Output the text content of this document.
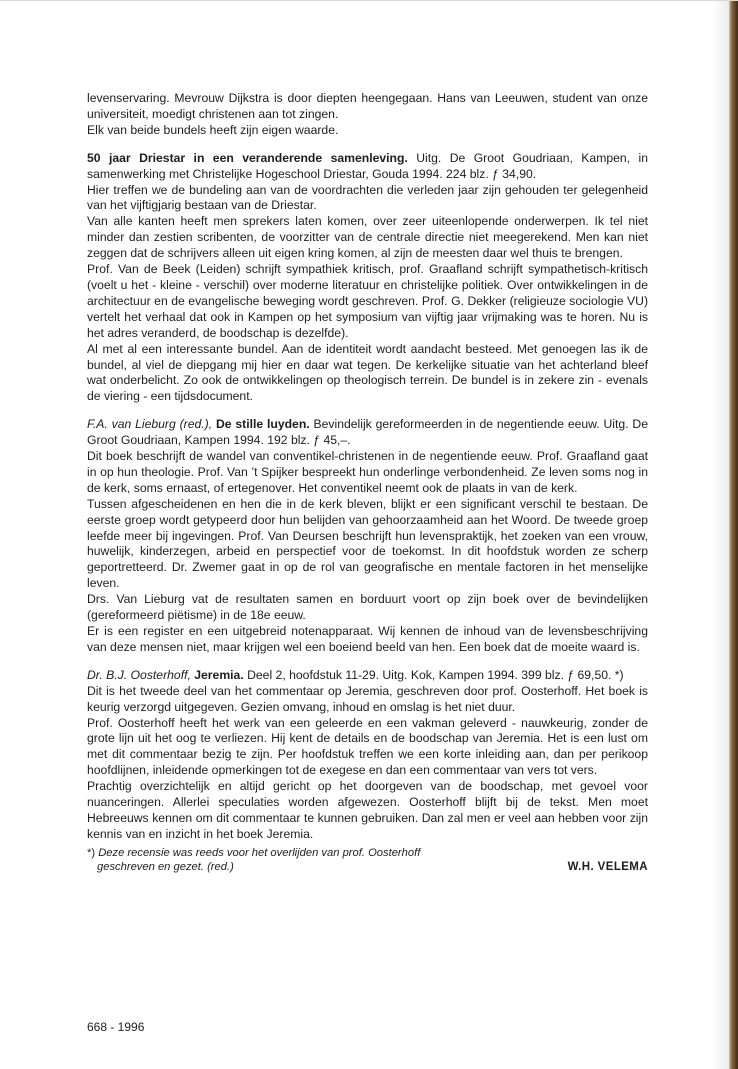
levenservaring. Mevrouw Dijkstra is door diepten heengegaan. Hans van Leeuwen, student van onze universiteit, moedigt christenen aan tot zingen.

Elk van beide bundels heeft zijn eigen waarde.

50 jaar Driestar in een veranderende samenleving. Uitg. De Groot Goudriaan, Kampen, in samenwerking met Christelijke Hogeschool Driestar, Gouda 1994. 224 blz. ƒ 34,90.

Hier treffen we de bundeling aan van de voordrachten die verleden jaar zijn gehouden ter gelegenheid van het vijftigjarig bestaan van de Driestar.

Van alle kanten heeft men sprekers laten komen, over zeer uiteenlopende onderwerpen. Ik tel niet minder dan zestien scribenten, de voorzitter van de centrale directie niet meegerekend. Men kan niet zeggen dat de schrijvers alleen uit eigen kring komen, al zijn de meesten daar wel thuis te brengen.

Prof. Van de Beek (Leiden) schrijft sympathiek kritisch, prof. Graafland schrijft sympathetisch-kritisch (voelt u het - kleine - verschil) over moderne literatuur en christelijke politiek. Over ontwikkelingen in de architectuur en de evangelische beweging wordt geschreven. Prof. G. Dekker (religieuze sociologie VU) vertelt het verhaal dat ook in Kampen op het symposium van vijftig jaar vrijmaking was te horen. Nu is het adres veranderd, de boodschap is dezelfde).

Al met al een interessante bundel. Aan de identiteit wordt aandacht besteed. Met genoegen las ik de bundel, al viel de diepgang mij hier en daar wat tegen. De kerkelijke situatie van het achterland bleef wat onderbelicht. Zo ook de ontwikkelingen op theologisch terrein. De bundel is in zekere zin - evenals de viering - een tijdsdocument.

F.A. van Lieburg (red.), De stille luyden. Bevindelijk gereformeerden in de negentiende eeuw. Uitg. De Groot Goudriaan, Kampen 1994. 192 blz. ƒ 45,–.

Dit boek beschrijft de wandel van conventikel-christenen in de negentiende eeuw. Prof. Graafland gaat in op hun theologie. Prof. Van ’t Spijker bespreekt hun onderlinge verbondenheid. Ze leven soms nog in de kerk, soms ernaast, of ertegenover. Het conventikel neemt ook de plaats in van de kerk.

Tussen afgescheidenen en hen die in de kerk bleven, blijkt er een significant verschil te bestaan. De eerste groep wordt getypeerd door hun belijden van gehoorzaamheid aan het Woord. De tweede groep leefde meer bij ingevingen. Prof. Van Deursen beschrijft hun levenspraktijk, het zoeken van een vrouw, huwelijk, kinderzegen, arbeid en perspectief voor de toekomst. In dit hoofdstuk worden ze scherp geportretteerd. Dr. Zwemer gaat in op de rol van geografische en mentale factoren in het menselijke leven.

Drs. Van Lieburg vat de resultaten samen en borduurt voort op zijn boek over de bevindelijken (gereformeerd piëtisme) in de 18e eeuw.

Er is een register en een uitgebreid notenapparaat. Wij kennen de inhoud van de levensbeschrijving van deze mensen niet, maar krijgen wel een boeiend beeld van hen. Een boek dat de moeite waard is.

Dr. B.J. Oosterhoff, Jeremia. Deel 2, hoofdstuk 11-29. Uitg. Kok, Kampen 1994. 399 blz. ƒ 69,50. *)

Dit is het tweede deel van het commentaar op Jeremia, geschreven door prof. Oosterhoff. Het boek is keurig verzorgd uitgegeven. Gezien omvang, inhoud en omslag is het niet duur.

Prof. Oosterhoff heeft het werk van een geleerde en een vakman geleverd - nauwkeurig, zonder de grote lijn uit het oog te verliezen. Hij kent de details en de boodschap van Jeremia. Het is een lust om met dit commentaar bezig te zijn. Per hoofdstuk treffen we een korte inleiding aan, dan per perikoop hoofdlijnen, inleidende opmerkingen tot de exegese en dan een commentaar van vers tot vers.

Prachtig overzichtelijk en altijd gericht op het doorgeven van de boodschap, met gevoel voor nuanceringen. Allerlei speculaties worden afgewezen. Oosterhoff blijft bij de tekst. Men moet Hebreeuws kennen om dit commentaar te kunnen gebruiken. Dan zal men er veel aan hebben voor zijn kennis van en inzicht in het boek Jeremia.

*) Deze recensie was reeds voor het overlijden van prof. Oosterhoff
geschreven en gezet. (red.)	W.H. VELEMA
668 - 1996
